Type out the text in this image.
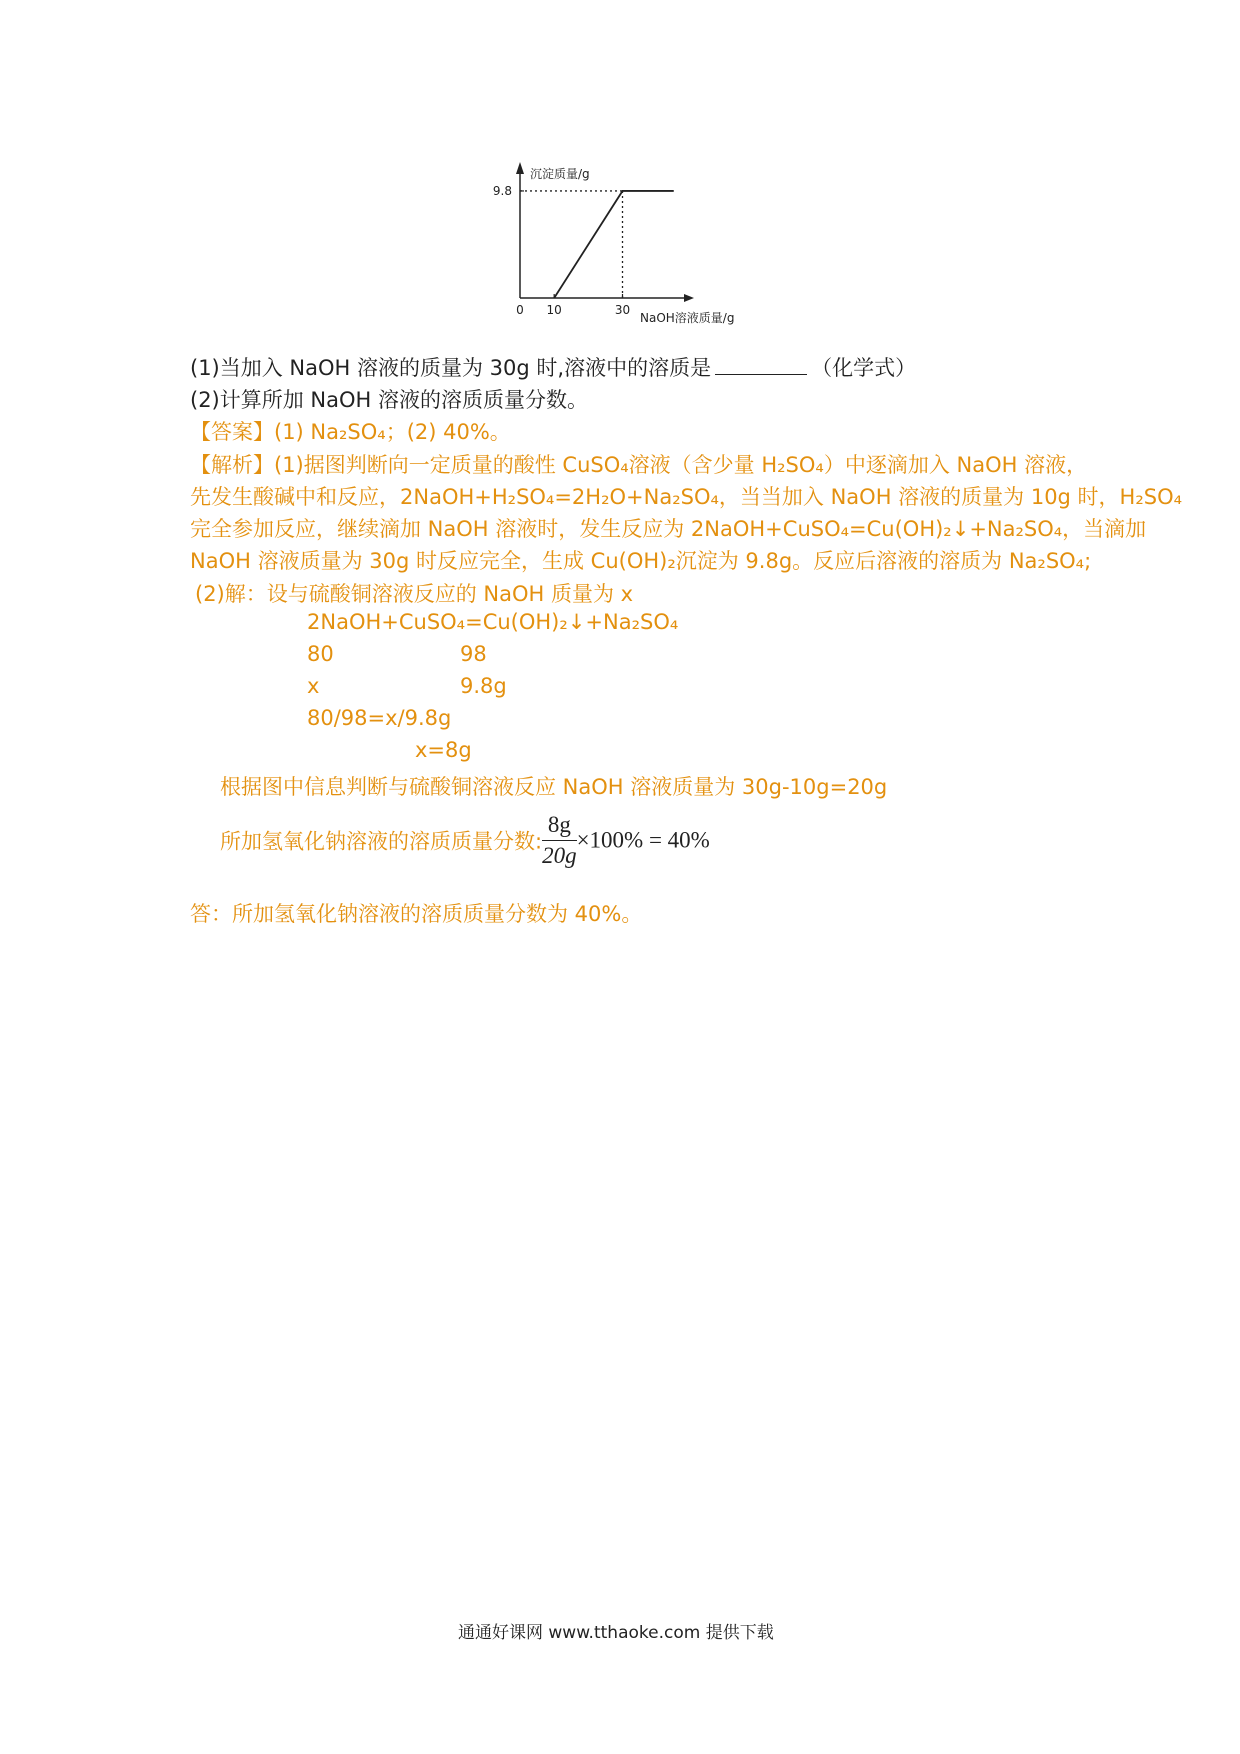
0 10	30
9.8
沉淀质量/g
NaOH溶液质量/g
(1)当加入 NaOH 溶液的质量为 30g 时,溶液中的溶质是	（化学式）
(2)计算所加 NaOH 溶液的溶质质量分数。
【答案】(1) Na₂SO₄；(2) 40%。
【解析】(1)据图判断向一定质量的酸性 CuSO₄溶液（含少量 H₂SO₄）中逐滴加入 NaOH 溶液，
先发生酸碱中和反应，2NaOH+H₂SO₄=2H₂O+Na₂SO₄，当当加入 NaOH 溶液的质量为 10g 时，H₂SO₄
完全参加反应，继续滴加 NaOH 溶液时，发生反应为 2NaOH+CuSO₄=Cu(OH)₂↓+Na₂SO₄，当滴加
NaOH 溶液质量为 30g 时反应完全，生成 Cu(OH)₂沉淀为 9.8g。反应后溶液的溶质为 Na₂SO₄;
(2)解：设与硫酸铜溶液反应的 NaOH 质量为 x
2NaOH+CuSO₄=Cu(OH)₂↓+Na₂SO₄
80	98
x	9.8g
80/98=x/9.8g
x=8g
根据图中信息判断与硫酸铜溶液反应 NaOH 溶液质量为 30g-10g=20g
所加氢氧化钠溶液的溶质质量分数: $\frac{8g}{20g} \times 100\% = 40\%$
答：所加氢氧化钠溶液的溶质质量分数为 40%。
通通好课网 www.tthaoke.com 提供下载
